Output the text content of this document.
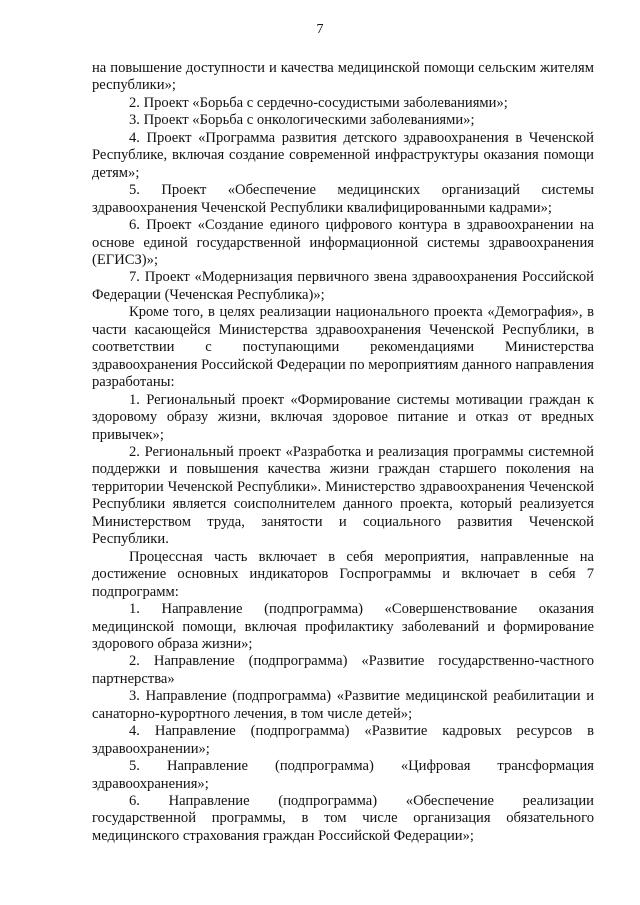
7

на повышение доступности и качества медицинской помощи сельским жителям республики»;

2. Проект «Борьба с сердечно-сосудистыми заболеваниями»;

3. Проект «Борьба с онкологическими заболеваниями»;

4. Проект «Программа развития детского здравоохранения в Чеченской Республике, включая создание современной инфраструктуры оказания помощи детям»;

5. Проект «Обеспечение медицинских организаций системы здравоохранения Чеченской Республики квалифицированными кадрами»;

6. Проект «Создание единого цифрового контура в здравоохранении на основе единой государственной информационной системы здравоохранения (ЕГИСЗ)»;

7. Проект «Модернизация первичного звена здравоохранения Российской Федерации (Чеченская Республика)»;

Кроме того, в целях реализации национального проекта «Демография», в части касающейся Министерства здравоохранения Чеченской Республики, в соответствии с поступающими рекомендациями Министерства здравоохранения Российской Федерации по мероприятиям данного направления разработаны:

1. Региональный проект «Формирование системы мотивации граждан к здоровому образу жизни, включая здоровое питание и отказ от вредных привычек»;

2. Региональный проект «Разработка и реализация программы системной поддержки и повышения качества жизни граждан старшего поколения на территории Чеченской Республики». Министерство здравоохранения Чеченской Республики является соисполнителем данного проекта, который реализуется Министерством труда, занятости и социального развития Чеченской Республики.

Процессная часть включает в себя мероприятия, направленные на достижение основных индикаторов Госпрограммы и включает в себя 7 подпрограмм:

1. Направление (подпрограмма) «Совершенствование оказания медицинской помощи, включая профилактику заболеваний и формирование здорового образа жизни»;

2. Направление (подпрограмма) «Развитие государственно-частного партнерства»

3. Направление (подпрограмма) «Развитие медицинской реабилитации и санаторно-курортного лечения, в том числе детей»;

4. Направление (подпрограмма) «Развитие кадровых ресурсов в здравоохранении»;

5. Направление (подпрограмма) «Цифровая трансформация здравоохранения»;

6. Направление (подпрограмма) «Обеспечение реализации государственной программы, в том числе организация обязательного медицинского страхования граждан Российской Федерации»;
